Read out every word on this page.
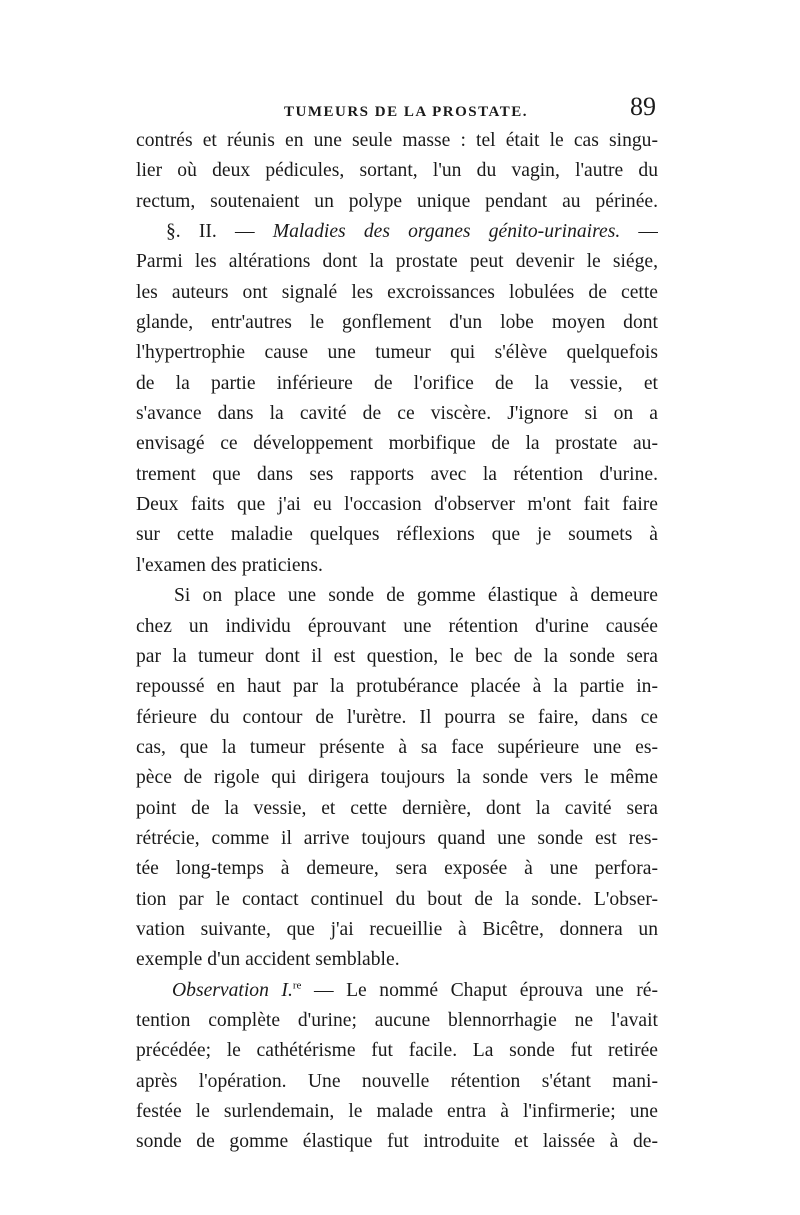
TUMEURS DE LA PROSTATE.	89
contrés et réunis en une seule masse : tel était le cas singu-
lier où deux pédicules, sortant, l'un du vagin, l'autre du
rectum, soutenaient un polype unique pendant au périnée.
§. II. — Maladies des organes génito-urinaires. —
Parmi les altérations dont la prostate peut devenir le siége,
les auteurs ont signalé les excroissances lobulées de cette
glande, entr'autres le gonflement d'un lobe moyen dont
l'hypertrophie cause une tumeur qui s'élève quelquefois
de la partie inférieure de l'orifice de la vessie, et
s'avance dans la cavité de ce viscère. J'ignore si on a
envisagé ce développement morbifique de la prostate au-
trement que dans ses rapports avec la rétention d'urine.
Deux faits que j'ai eu l'occasion d'observer m'ont fait faire
sur cette maladie quelques réflexions que je soumets à
l'examen des praticiens.
Si on place une sonde de gomme élastique à demeure
chez un individu éprouvant une rétention d'urine causée
par la tumeur dont il est question, le bec de la sonde sera
repoussé en haut par la protubérance placée à la partie in-
férieure du contour de l'urètre. Il pourra se faire, dans ce
cas, que la tumeur présente à sa face supérieure une es-
pèce de rigole qui dirigera toujours la sonde vers le même
point de la vessie, et cette dernière, dont la cavité sera
rétrécie, comme il arrive toujours quand une sonde est res-
tée long-temps à demeure, sera exposée à une perfora-
tion par le contact continuel du bout de la sonde. L'obser-
vation suivante, que j'ai recueillie à Bicêtre, donnera un
exemple d'un accident semblable.
Observation I.$^{re}$ — Le nommé Chaput éprouva une ré-
tention complète d'urine; aucune blennorrhagie ne l'avait
précédée; le cathétérisme fut facile. La sonde fut retirée
après l'opération. Une nouvelle rétention s'étant mani-
festée le surlendemain, le malade entra à l'infirmerie; une
sonde de gomme élastique fut introduite et laissée à de-
